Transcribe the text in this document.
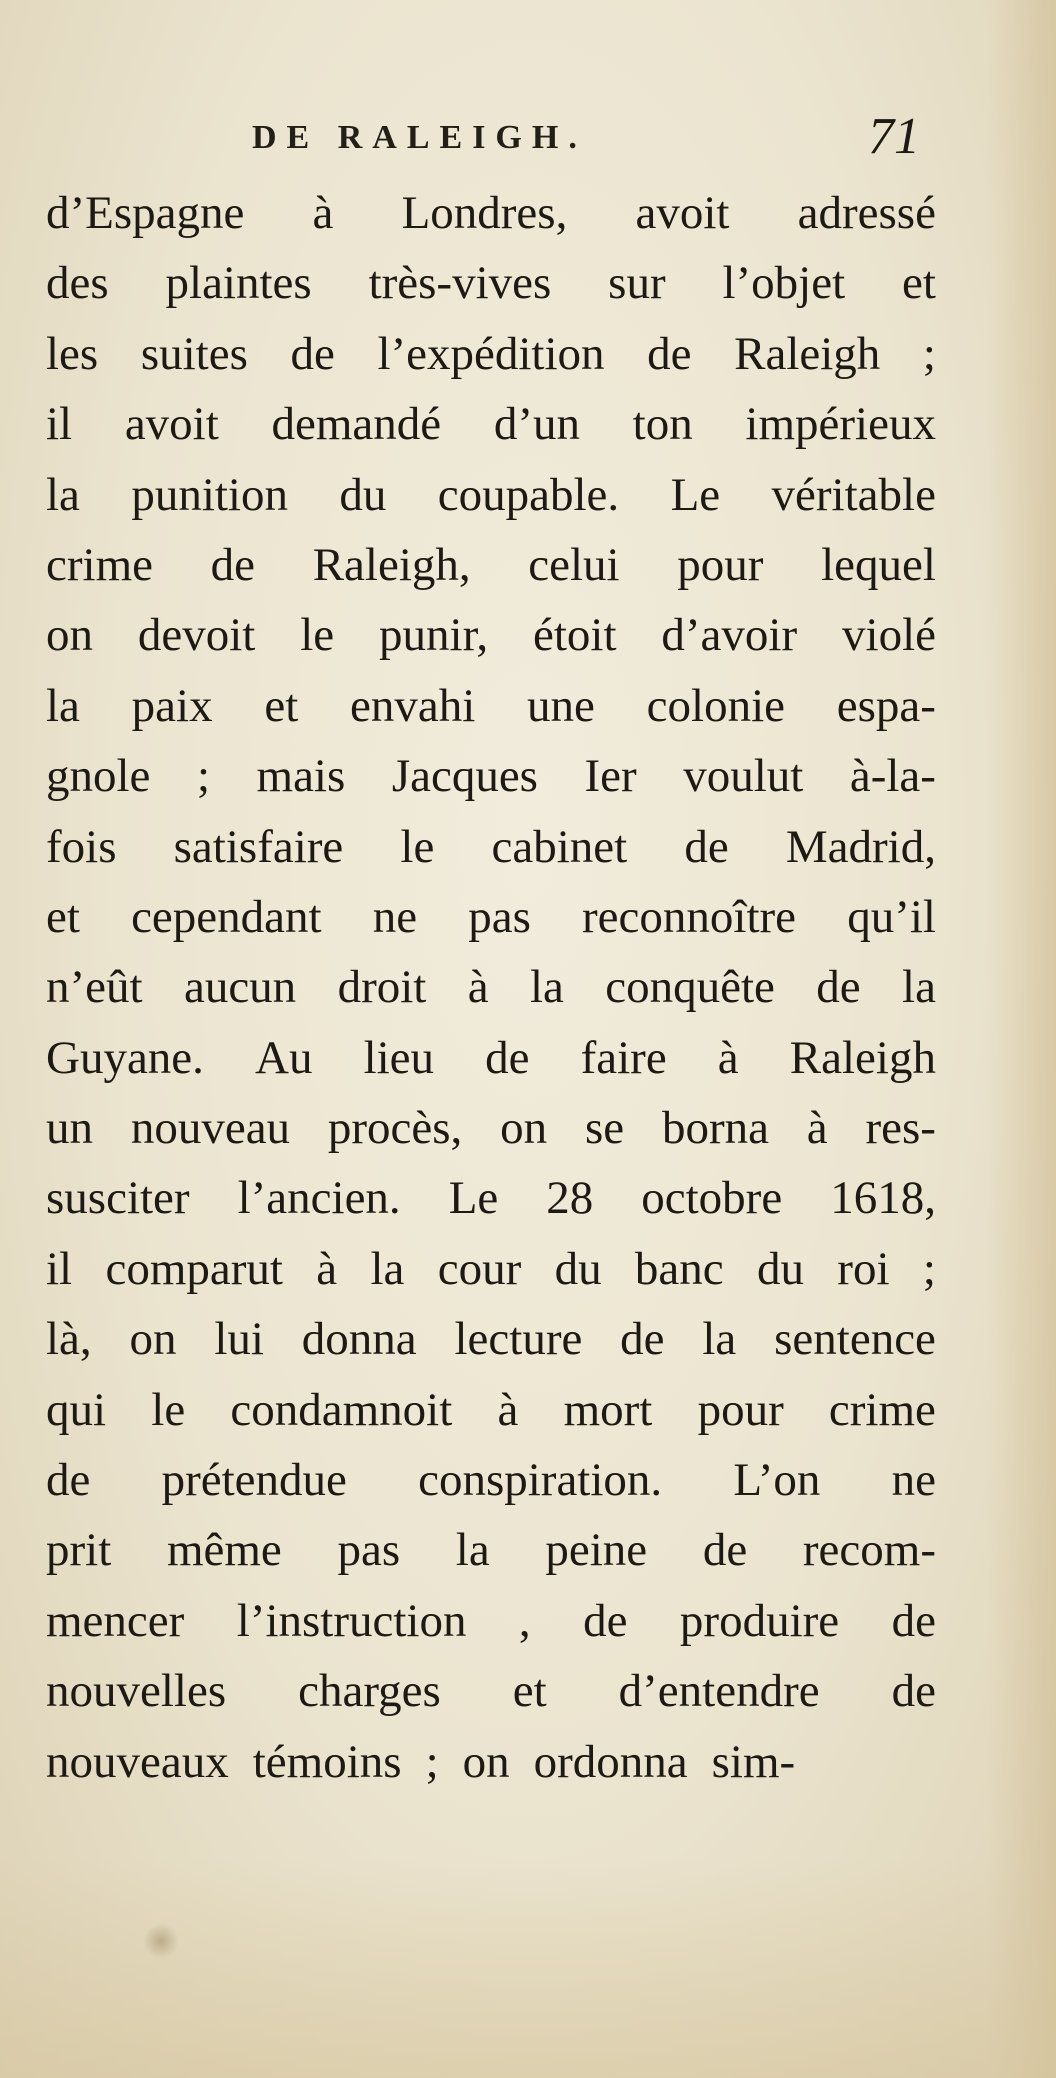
DE RALEIGH.	71
d’Espagne à Londres, avoit adressé
des plaintes très-vives sur l’objet et
les suites de l’expédition de Raleigh ;
il avoit demandé d’un ton impérieux
la punition du coupable. Le véritable
crime de Raleigh, celui pour lequel
on devoit le punir, étoit d’avoir violé
la paix et envahi une colonie espa-
gnole ; mais Jacques Ier voulut à-la-
fois satisfaire le cabinet de Madrid,
et cependant ne pas reconnoître qu’il
n’eût aucun droit à la conquête de la
Guyane. Au lieu de faire à Raleigh
un nouveau procès, on se borna à res-
susciter l’ancien. Le 28 octobre 1618,
il comparut à la cour du banc du roi ;
là, on lui donna lecture de la sentence
qui le condamnoit à mort pour crime
de prétendue conspiration. L’on ne
prit même pas la peine de recom-
mencer l’instruction , de produire de
nouvelles charges et d’entendre de
nouveaux témoins ; on ordonna sim-
